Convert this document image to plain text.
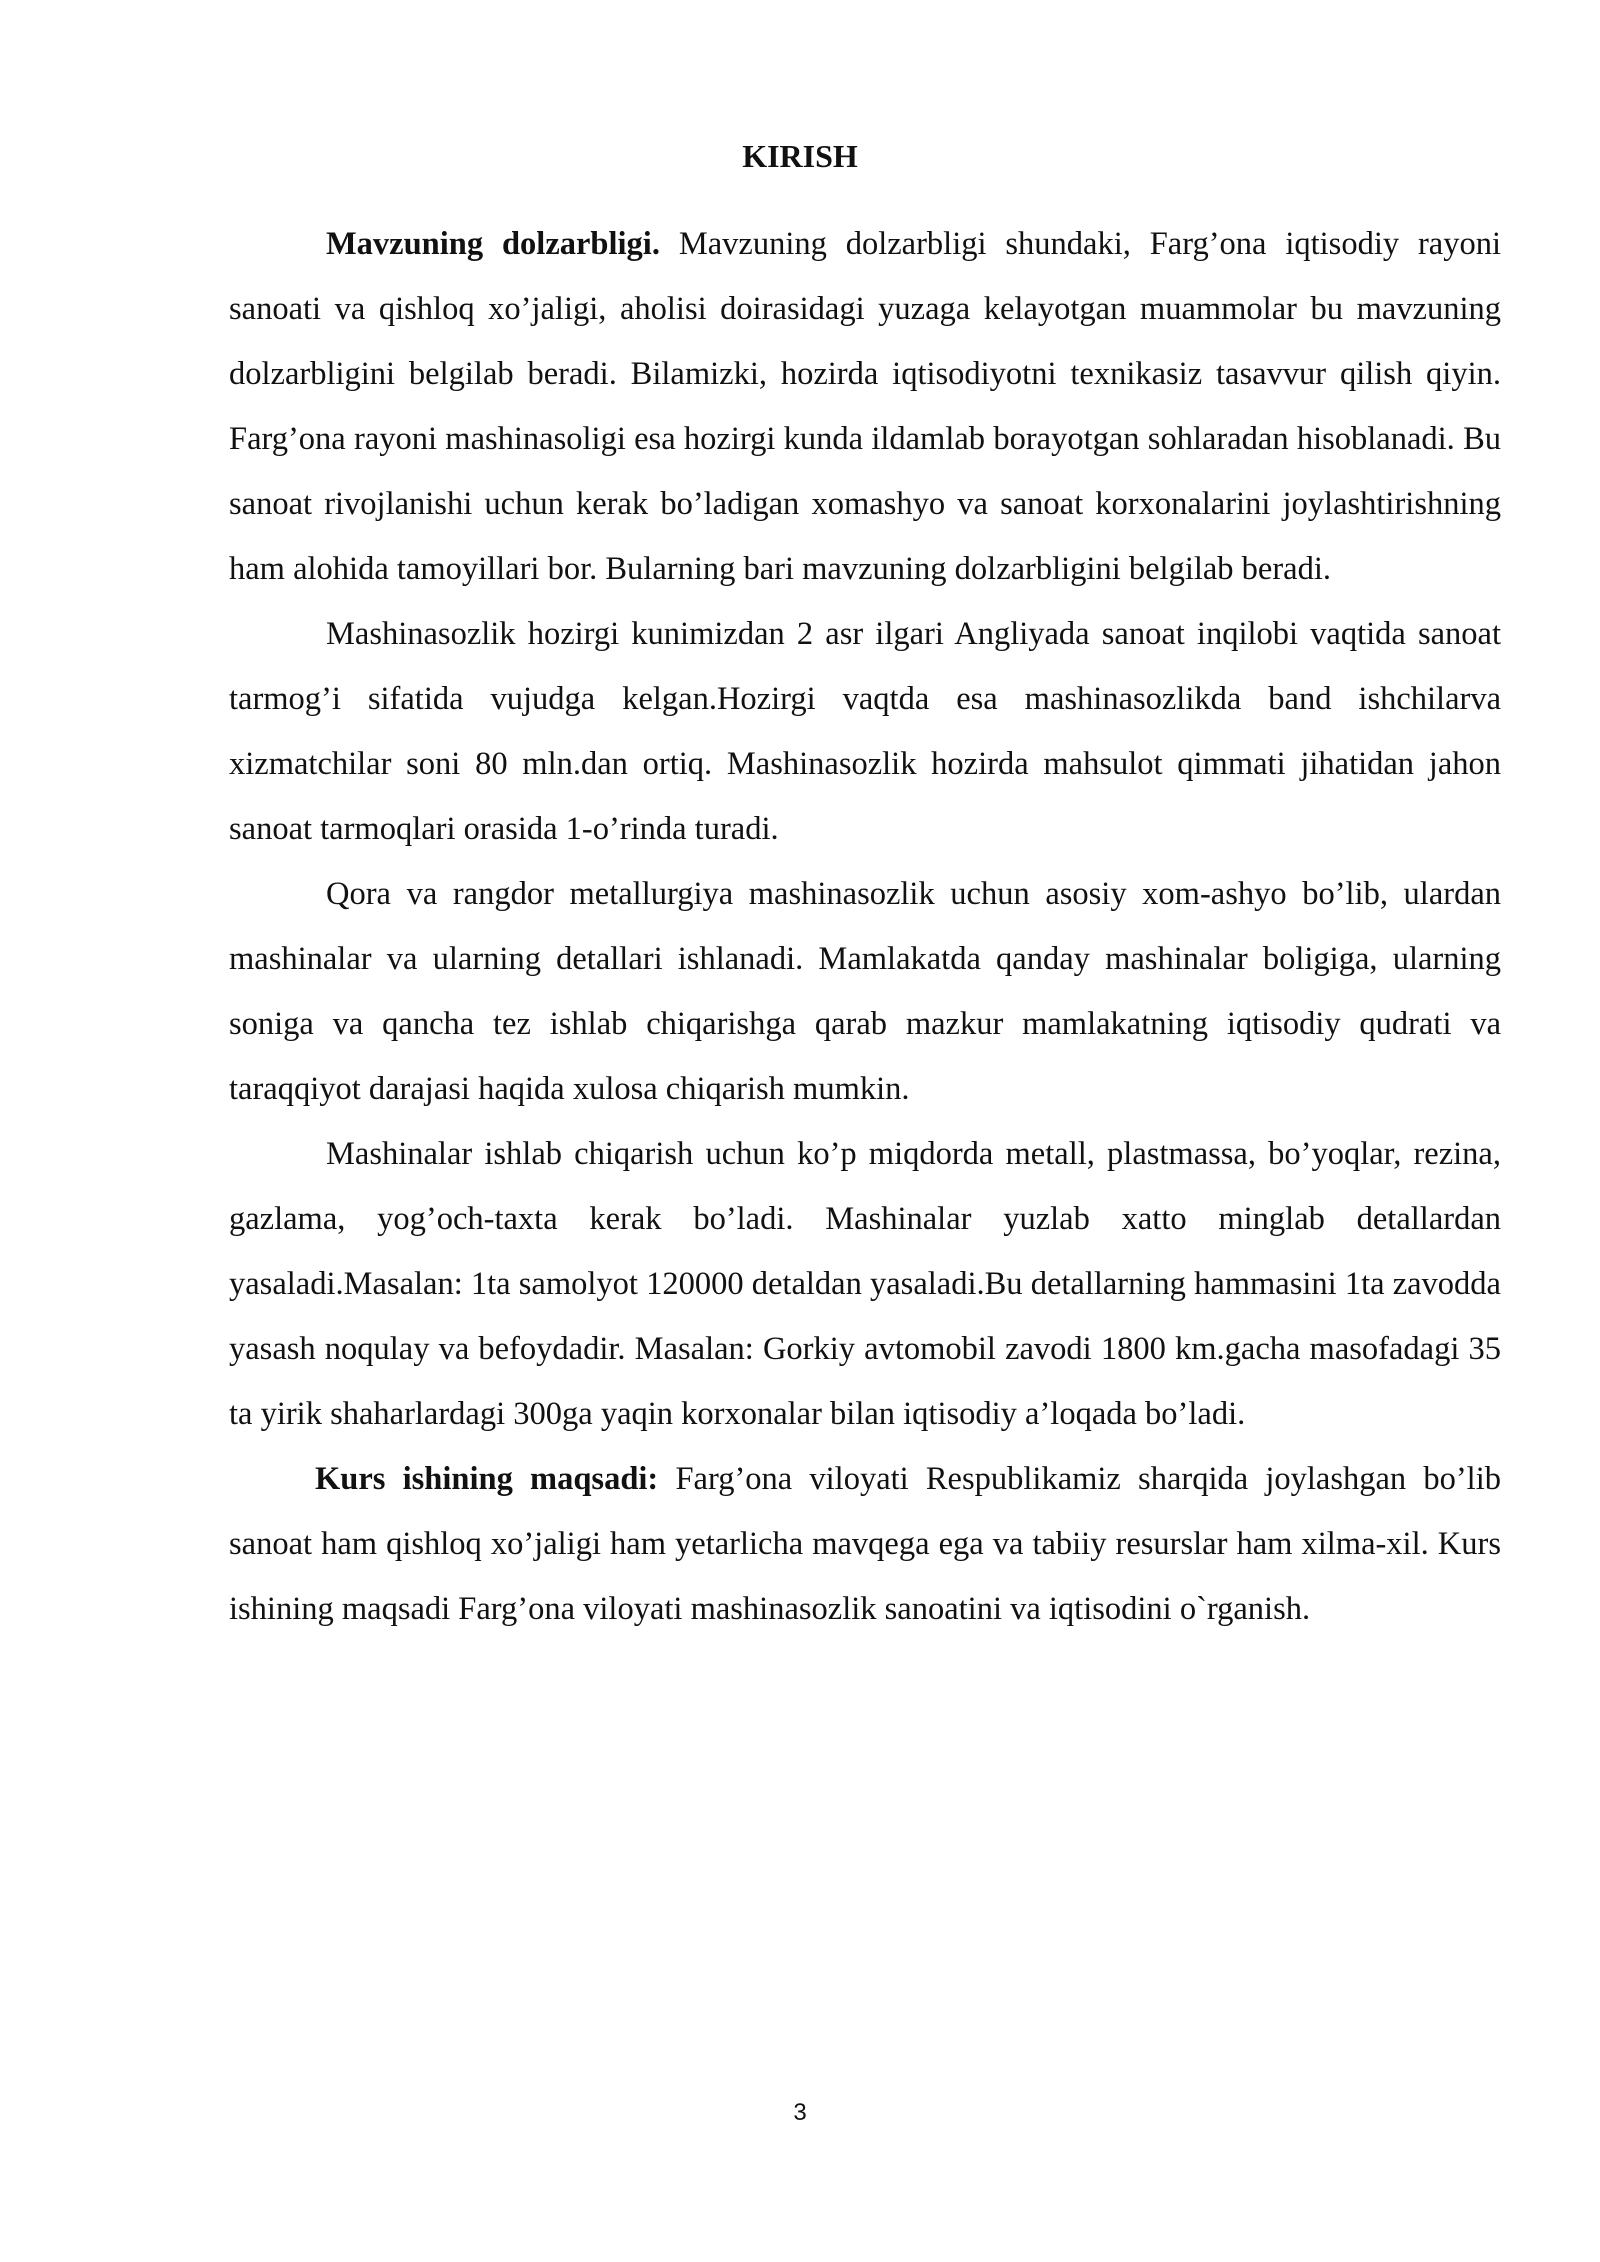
KIRISH

Mavzuning dolzarbligi. Mavzuning dolzarbligi shundaki, Farg’ona iqtisodiy rayoni sanoati va qishloq xo’jaligi, aholisi doirasidagi yuzaga kelayotgan muammolar bu mavzuning dolzarbligini belgilab beradi. Bilamizki, hozirda iqtisodiyotni texnikasiz tasavvur qilish qiyin. Farg’ona rayoni mashinasoligi esa hozirgi kunda ildamlab borayotgan sohlaradan hisoblanadi. Bu sanoat rivojlanishi uchun kerak bo’ladigan xomashyo va sanoat korxonalarini joylashtirishning ham alohida tamoyillari bor. Bularning bari mavzuning dolzarbligini belgilab beradi.

Mashinasozlik hozirgi kunimizdan 2 asr ilgari Angliyada sanoat inqilobi vaqtida sanoat tarmog’i sifatida vujudga kelgan.Hozirgi vaqtda esa mashinasozlikda band ishchilarva xizmatchilar soni 80 mln.dan ortiq. Mashinasozlik hozirda mahsulot qimmati jihatidan jahon sanoat tarmoqlari orasida 1-o’rinda turadi.

Qora va rangdor metallurgiya mashinasozlik uchun asosiy xom-ashyo bo’lib, ulardan mashinalar va ularning detallari ishlanadi. Mamlakatda qanday mashinalar boligiga, ularning soniga va qancha tez ishlab chiqarishga qarab mazkur mamlakatning iqtisodiy qudrati va taraqqiyot darajasi haqida xulosa chiqarish mumkin.

Mashinalar ishlab chiqarish uchun ko’p miqdorda metall, plastmassa, bo’yoqlar, rezina, gazlama, yog’och-taxta kerak bo’ladi. Mashinalar yuzlab xatto minglab detallardan yasaladi.Masalan: 1ta samolyot 120000 detaldan yasaladi.Bu detallarning hammasini 1ta zavodda yasash noqulay va befoydadir. Masalan: Gorkiy avtomobil zavodi 1800 km.gacha masofadagi 35 ta yirik shaharlardagi 300ga yaqin korxonalar bilan iqtisodiy a’loqada bo’ladi.

Kurs ishining maqsadi: Farg’ona viloyati Respublikamiz sharqida joylashgan bo’lib sanoat ham qishloq xo’jaligi ham yetarlicha mavqega ega va tabiiy resurslar ham xilma-xil. Kurs ishining maqsadi Farg’ona viloyati mashinasozlik sanoatini va iqtisodini o`rganish.

3
